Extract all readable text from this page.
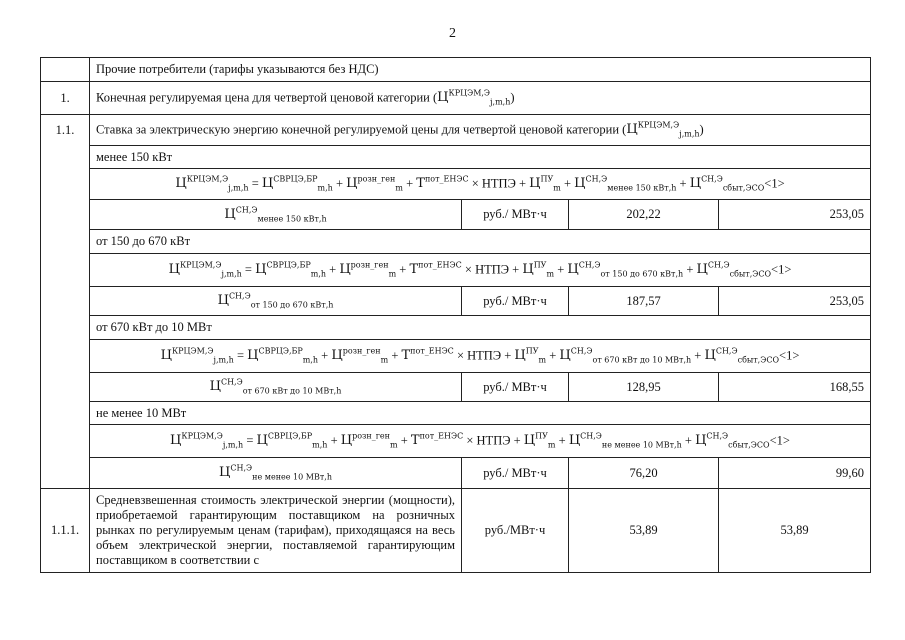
2
	Прочие потребители (тарифы указываются без НДС)			
1.	Конечная регулируемая цена для четвертой ценовой категории $(Ц^{КРЦЭМ,Э}_{j,m,h})$			
1.1.	Ставка за электрическую энергию конечной регулируемой цены для четвертой ценовой категории $(Ц^{КРЦЭМ,Э}_{j,m,h})$			
	менее 150 кВт			
	$Ц^{КРЦЭМ,Э}_{j,m,h} = Ц^{СВРЦЭ,БР}_{m,h} + Ц^{розн\_ген}_m + T^{пот\_ЕНЭС}$ × НТПЭ + $Ц^{ПУ}_m + Ц^{СН,Э}_{менее 150 кВт,h} + Ц^{СН,Э}_{сбыт,ЭСО}<1>$			
	$Ц^{СН,Э}_{менее 150 кВт,h}$	руб./ МВт·ч	202,22	253,05
	от 150 до 670 кВт			
	$Ц^{КРЦЭМ,Э}_{j,m,h} = Ц^{СВРЦЭ,БР}_{m,h} + Ц^{розн\_ген}_m + T^{пот\_ЕНЭС}$ × НТПЭ + $Ц^{ПУ}_m + Ц^{СН,Э}_{от 150 до 670 кВт,h} + Ц^{СН,Э}_{сбыт,ЭСО}<1>$			
	$Ц^{СН,Э}_{от 150 до 670 кВт,h}$	руб./ МВт·ч	187,57	253,05
	от 670 кВт до 10 МВт			
	$Ц^{КРЦЭМ,Э}_{j,m,h} = Ц^{СВРЦЭ,БР}_{m,h} + Ц^{розн\_ген}_m + T^{пот\_ЕНЭС}$ × НТПЭ + $Ц^{ПУ}_m + Ц^{СН,Э}_{от 670 кВт до 10 МВт,h} + Ц^{СН,Э}_{сбыт,ЭСО}<1>$			
	$Ц^{СН,Э}_{от 670 кВт до 10 МВт,h}$	руб./ МВт·ч	128,95	168,55
	не менее 10 МВт			
	$Ц^{КРЦЭМ,Э}_{j,m,h} = Ц^{СВРЦЭ,БР}_{m,h} + Ц^{розн\_ген}_m + T^{пот\_ЕНЭС}$ × НТПЭ + $Ц^{ПУ}_m + Ц^{СН,Э}_{не менее 10 МВт,h} + Ц^{СН,Э}_{сбыт,ЭСО}<1>$			
	$Ц^{СН,Э}_{не менее 10 МВт,h}$	руб./ МВт·ч	76,20	99,60
1.1.1.	Средневзвешенная стоимость электрической энергии (мощности), приобретаемой гарантирующим поставщиком на розничных рынках по регулируемым ценам (тарифам), приходящаяся на весь объем электрической энергии, поставляемой гарантирующим поставщиком в соответствии с	руб./МВт·ч	53,89	53,89
